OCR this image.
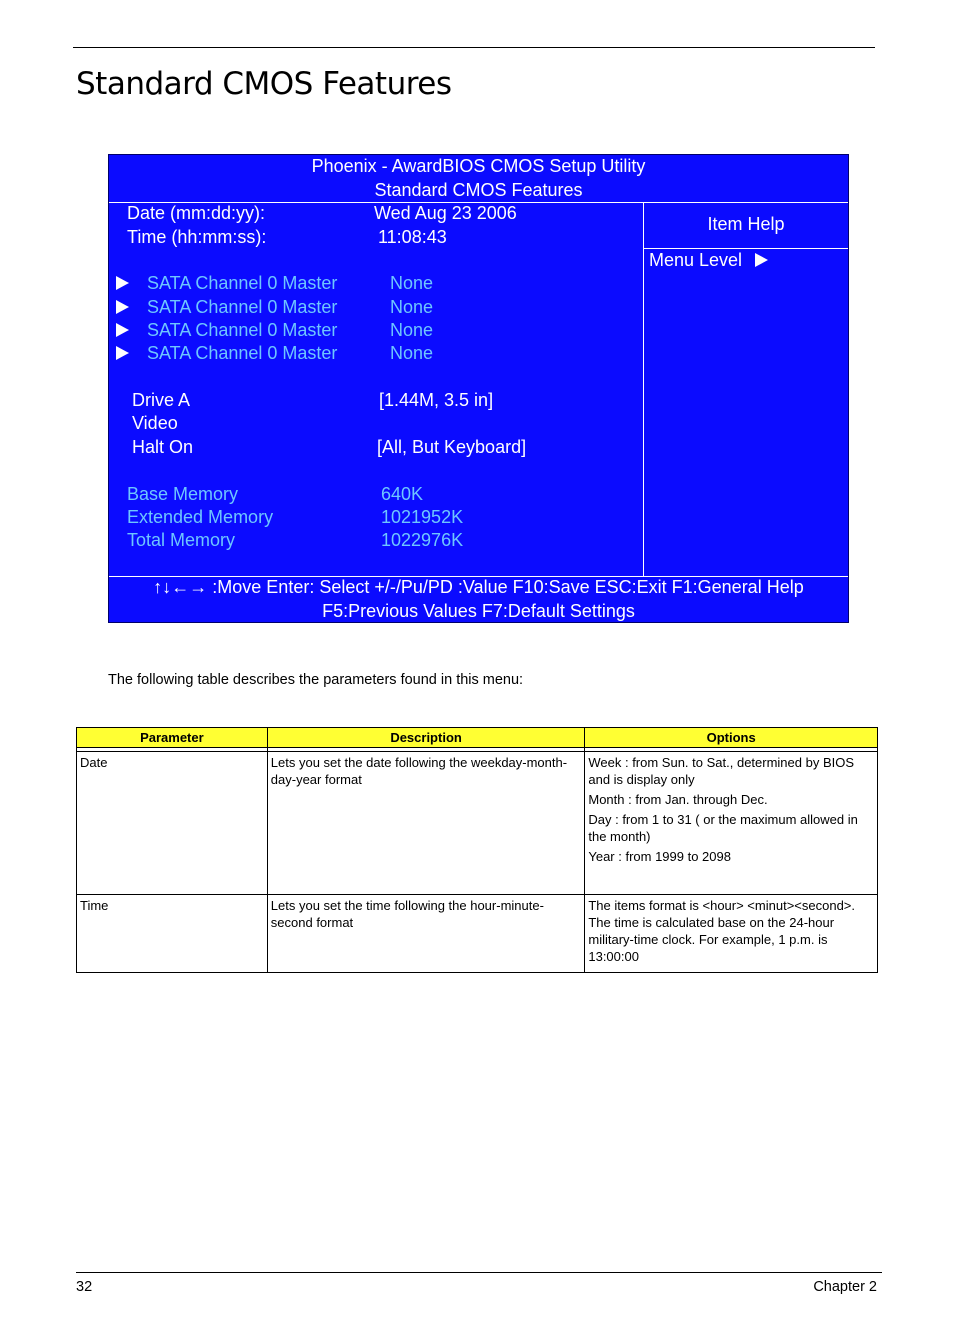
Standard CMOS Features
Phoenix - AwardBIOS CMOS Setup Utility
Standard CMOS Features
Date (mm:dd:yy):	Wed Aug 23 2006
Time (hh:mm:ss):	11:08:43
SATA Channel 0 Master	None
SATA Channel 0 Master	None
SATA Channel 0 Master	None
SATA Channel 0 Master	None
Drive A	[1.44M, 3.5 in]
Video
Halt On	[All, But Keyboard]
Base Memory	640K
Extended Memory	1021952K
Total Memory	1022976K
Item Help
Menu Level
↑↓←→ :Move Enter: Select +/-/Pu/PD :Value F10:Save ESC:Exit F1:General Help
F5:Previous Values F7:Default Settings
The following table describes the parameters found in this menu:
Parameter	Description	Options

Date	Lets you set the date following the weekday-month-day-year format	Week : from Sun. to Sat., determined by BIOS and is display only

Month : from Jan. through Dec.

Day : from 1 to 31 ( or the maximum allowed in the month)

Year : from 1999 to 2098

Time	Lets you set the time following the hour-minute-second format	The items format is <hour> <minut><second>. The time is calculated base on the 24-hour military-time clock. For example, 1 p.m. is 13:00:00

32	Chapter 2
